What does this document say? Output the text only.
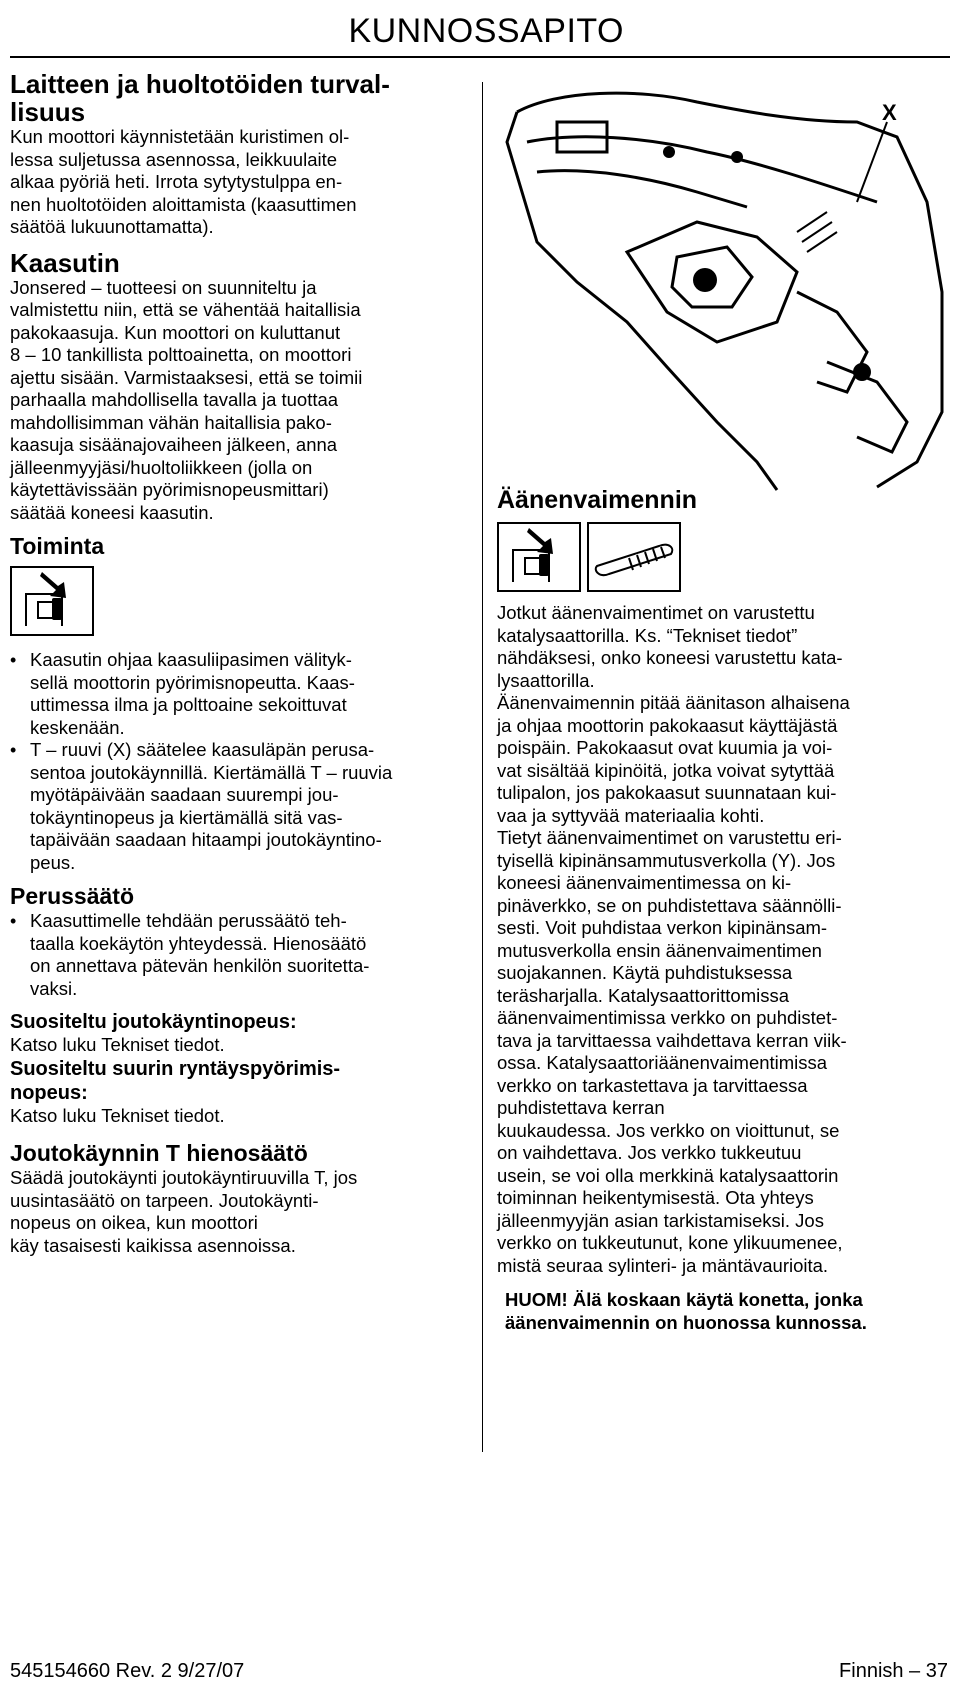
KUNNOSSAPITO
Laitteen ja huoltotöiden turval-
lisuus

Kun moottori käynnistetään kuristimen ol-

lessa suljetussa asennossa, leikkuulaite

alkaa pyöriä heti. Irrota sytytystulppa en-

nen huoltotöiden aloittamista (kaasuttimen

säätöä lukuunottamatta).

Kaasutin

Jonsered – tuotteesi on suunniteltu ja

valmistettu niin, että se vähentää haitallisia

pakokaasuja. Kun moottori on kuluttanut

8 – 10 tankillista polttoainetta, on moottori

ajettu sisään. Varmistaaksesi, että se toimii

parhaalla mahdollisella tavalla ja tuottaa

mahdollisimman vähän haitallisia pako-

kaasuja sisäänajovaiheen jälkeen, anna

jälleenmyyjäsi/huoltoliikkeen (jolla on

käytettävissään pyörimisnopeusmittari)

säätää koneesi kaasutin.

Toiminta
• Kaasutin ohjaa kaasuliipasimen välityk-
sellä moottorin pyörimisnopeutta. Kaas-
uttimessa ilma ja polttoaine sekoittuvat
keskenään.
• T – ruuvi (X) säätelee kaasuläpän perusa-
sentoa joutokäynnillä. Kiertämällä T – ruuvia
myötäpäivään saadaan suurempi jou-
tokäyntinopeus ja kiertämällä sitä vas-
tapäivään saadaan hitaampi joutokäyntino-
peus.
Perussäätö
• Kaasuttimelle tehdään perussäätö teh-
taalla koekäytön yhteydessä. Hienosäätö
on annettava pätevän henkilön suoritetta-
vaksi.
Suositeltu joutokäyntinopeus:

Katso luku Tekniset tiedot.

Suositeltu suurin ryntäyspyörimis-
nopeus:

Katso luku Tekniset tiedot.

Joutokäynnin T hienosäätö

Säädä joutokäynti joutokäyntiruuvilla T, jos

uusintasäätö on tarpeen. Joutokäynti-

nopeus on oikea, kun moottori

käy tasaisesti kaikissa asennoissa.

X
Äänenvaimennin

Jotkut äänenvaimentimet on varustettu

katalysaattorilla. Ks. “Tekniset tiedot”

nähdäksesi, onko koneesi varustettu kata-

lysaattorilla.

Äänenvaimennin pitää äänitason alhaisena

ja ohjaa moottorin pakokaasut käyttäjästä

poispäin. Pakokaasut ovat kuumia ja voi-

vat sisältää kipinöitä, jotka voivat sytyttää

tulipalon, jos pakokaasut suunnataan kui-

vaa ja syttyvää materiaalia kohti.

Tietyt äänenvaimentimet on varustettu eri-

tyisellä kipinänsammutusverkolla (Y). Jos

koneesi äänenvaimentimessa on ki-

pinäverkko, se on puhdistettava säännölli-

sesti. Voit puhdistaa verkon kipinänsam-

mutusverkolla ensin äänenvaimentimen

suojakannen. Käytä puhdistuksessa

teräsharjalla. Katalysaattorittomissa

äänenvaimentimissa verkko on puhdistet-

tava ja tarvittaessa vaihdettava kerran viik-

ossa. Katalysaattoriäänenvaimentimissa

verkko on tarkastettava ja tarvittaessa

puhdistettava kerran

kuukaudessa. Jos verkko on vioittunut, se

on vaihdettava. Jos verkko tukkeutuu

usein, se voi olla merkkinä katalysaattorin

toiminnan heikentymisestä. Ota yhteys

jälleenmyyjän asian tarkistamiseksi. Jos

verkko on tukkeutunut, kone ylikuumenee,

mistä seuraa sylinteri- ja mäntävaurioita.

HUOM! Älä koskaan käytä konetta, jonka

äänenvaimennin on huonossa kunnossa.

545154660 Rev. 2 9/27/07	Finnish – 37
